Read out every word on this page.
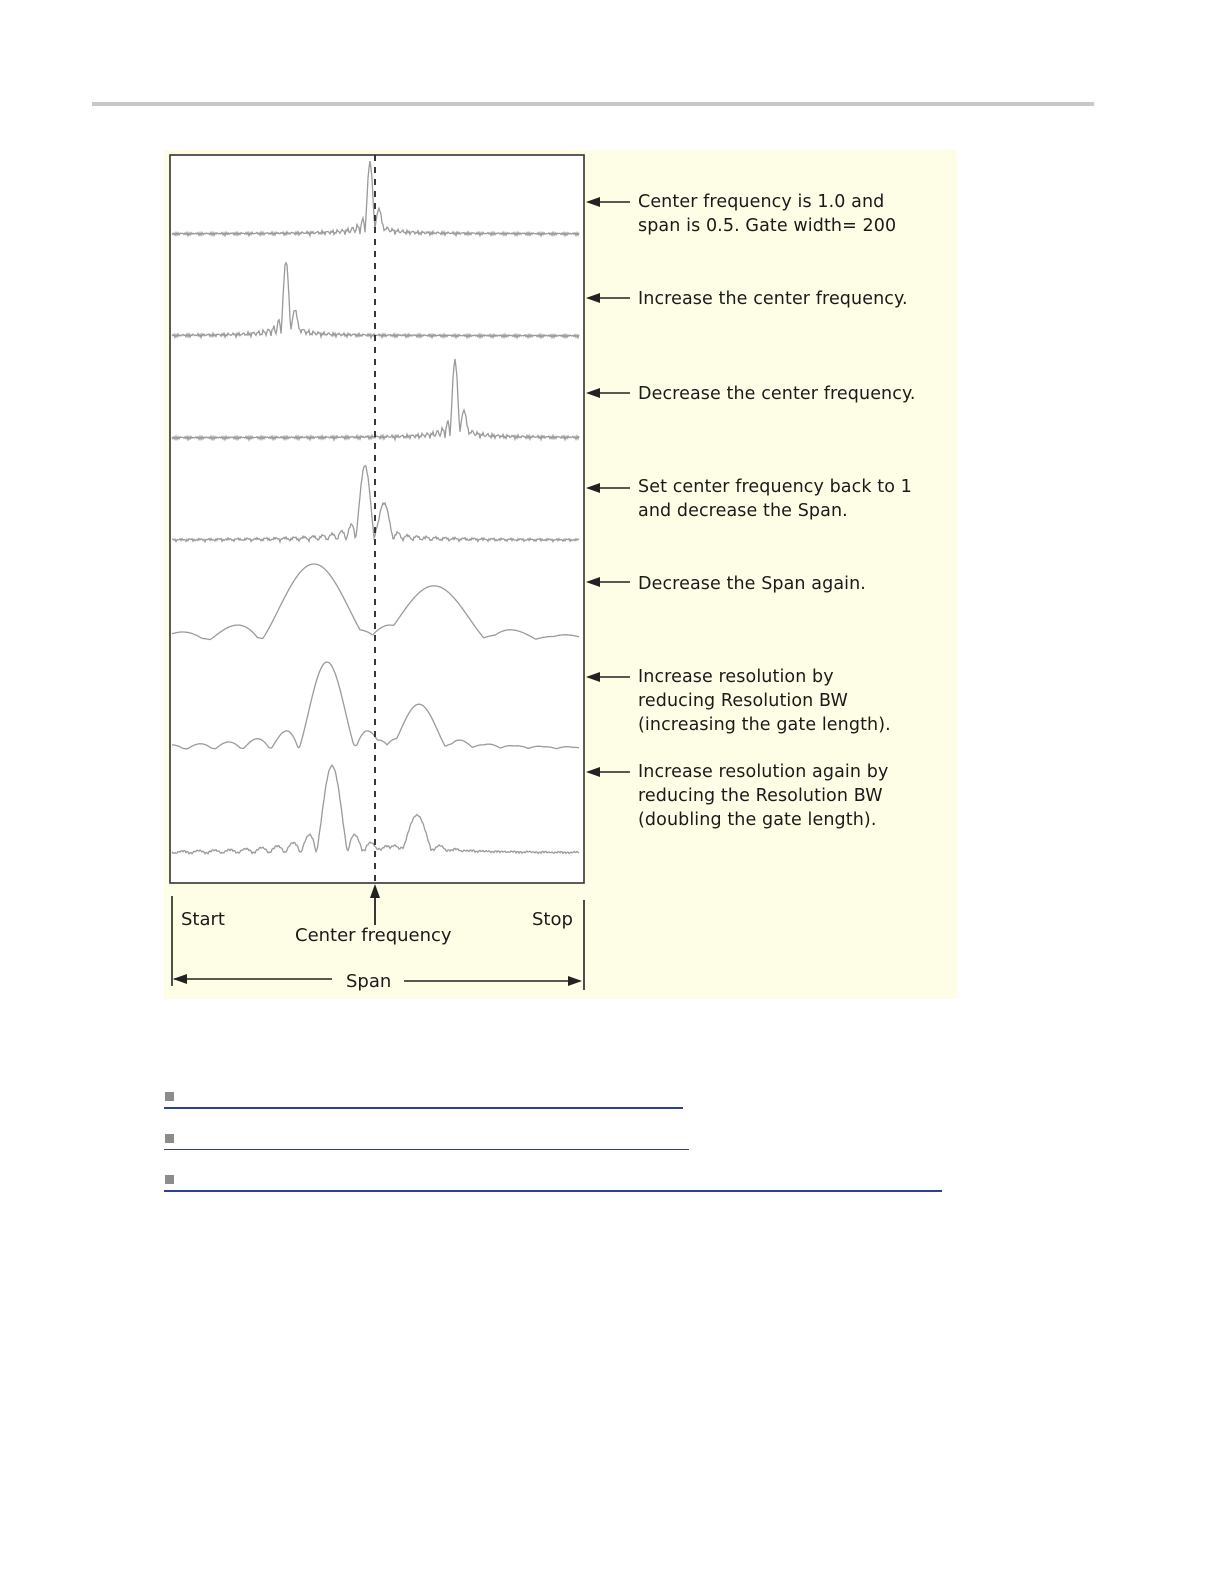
Center frequency is 1.0 and
span is 0.5. Gate width= 200
Increase the center frequency.
Decrease the center frequency.
Set center frequency back to 1
and decrease the Span.
Decrease the Span again.
Increase resolution by
reducing Resolution BW
(increasing the gate length).
Increase resolution again by
reducing the Resolution BW
(doubling the gate length).
Start	Stop
Center frequency
Span
